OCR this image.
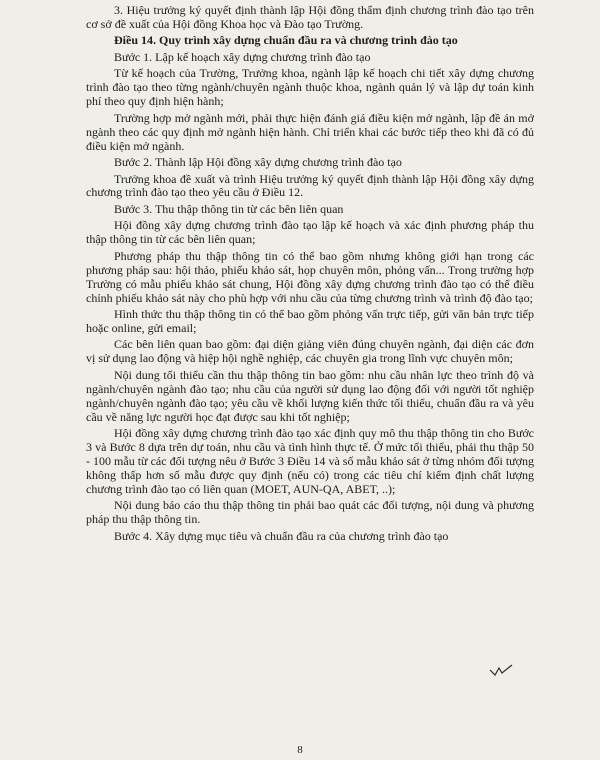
3. Hiệu trưởng ký quyết định thành lập Hội đồng thẩm định chương trình đào tạo trên cơ sở đề xuất của Hội đồng Khoa học và Đào tạo Trường.

Điều 14. Quy trình xây dựng chuẩn đầu ra và chương trình đào tạo

Bước 1. Lập kế hoạch xây dựng chương trình đào tạo

Từ kế hoạch của Trường, Trưởng khoa, ngành lập kế hoạch chi tiết xây dựng chương trình đào tạo theo từng ngành/chuyên ngành thuộc khoa, ngành quản lý và lập dự toán kinh phí theo quy định hiện hành;

Trường hợp mở ngành mới, phải thực hiện đánh giá điều kiện mở ngành, lập đề án mở ngành theo các quy định mở ngành hiện hành. Chỉ triển khai các bước tiếp theo khi đã có đủ điều kiện mở ngành.

Bước 2. Thành lập Hội đồng xây dựng chương trình đào tạo

Trưởng khoa đề xuất và trình Hiệu trưởng ký quyết định thành lập Hội đồng xây dựng chương trình đào tạo theo yêu cầu ở Điều 12.

Bước 3. Thu thập thông tin từ các bên liên quan

Hội đồng xây dựng chương trình đào tạo lập kế hoạch và xác định phương pháp thu thập thông tin từ các bên liên quan;

Phương pháp thu thập thông tin có thể bao gồm nhưng không giới hạn trong các phương pháp sau: hội thảo, phiếu khảo sát, họp chuyên môn, phỏng vấn... Trong trường hợp Trường có mẫu phiếu khảo sát chung, Hội đồng xây dựng chương trình đào tạo có thể điều chỉnh phiếu khảo sát này cho phù hợp với nhu cầu của từng chương trình và trình độ đào tạo;

Hình thức thu thập thông tin có thể bao gồm phỏng vấn trực tiếp, gửi văn bản trực tiếp hoặc online, gửi email;

Các bên liên quan bao gồm: đại diện giảng viên đúng chuyên ngành, đại diện các đơn vị sử dụng lao động và hiệp hội nghề nghiệp, các chuyên gia trong lĩnh vực chuyên môn;

Nội dung tối thiểu cần thu thập thông tin bao gồm: nhu cầu nhân lực theo trình độ và ngành/chuyên ngành đào tạo; nhu cầu của người sử dụng lao động đối với người tốt nghiệp ngành/chuyên ngành đào tạo; yêu cầu về khối lượng kiến thức tối thiểu, chuẩn đầu ra và yêu cầu về năng lực người học đạt được sau khi tốt nghiệp;

Hội đồng xây dựng chương trình đào tạo xác định quy mô thu thập thông tin cho Bước 3 và Bước 8 dựa trên dự toán, nhu cầu và tình hình thực tế. Ở mức tối thiểu, phải thu thập 50 - 100 mẫu từ các đối tượng nêu ở Bước 3 Điều 14 và số mẫu khảo sát ở từng nhóm đối tượng không thấp hơn số mẫu được quy định (nếu có) trong các tiêu chí kiểm định chất lượng chương trình đào tạo có liên quan (MOET, AUN-QA, ABET, ..);

Nội dung báo cáo thu thập thông tin phải bao quát các đối tượng, nội dung và phương pháp thu thập thông tin.

Bước 4. Xây dựng mục tiêu và chuẩn đầu ra của chương trình đào tạo

8
